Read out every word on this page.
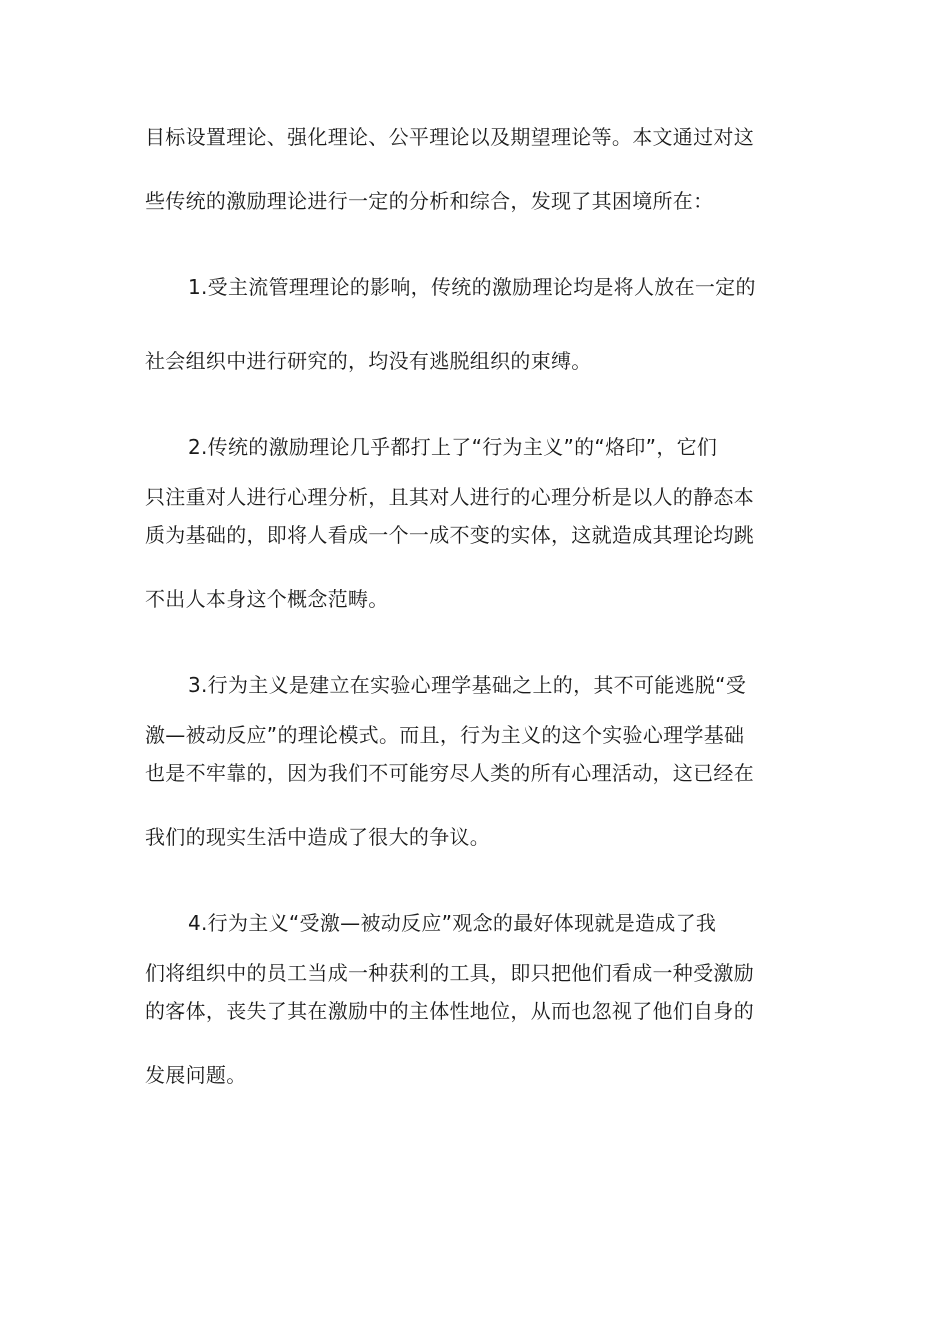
目标设置理论、强化理论、公平理论以及期望理论等。本文通过对这
些传统的激励理论进行一定的分析和综合，发现了其困境所在：
1.受主流管理理论的影响，传统的激励理论均是将人放在一定的
社会组织中进行研究的，均没有逃脱组织的束缚。
2.传统的激励理论几乎都打上了“行为主义”的“烙印”，它们
只注重对人进行心理分析，且其对人进行的心理分析是以人的静态本
质为基础的，即将人看成一个一成不变的实体，这就造成其理论均跳
不出人本身这个概念范畴。
3.行为主义是建立在实验心理学基础之上的，其不可能逃脱“受
激—被动反应”的理论模式。而且，行为主义的这个实验心理学基础
也是不牢靠的，因为我们不可能穷尽人类的所有心理活动，这已经在
我们的现实生活中造成了很大的争议。
4.行为主义“受激—被动反应”观念的最好体现就是造成了我
们将组织中的员工当成一种获利的工具，即只把他们看成一种受激励
的客体，丧失了其在激励中的主体性地位，从而也忽视了他们自身的
发展问题。
